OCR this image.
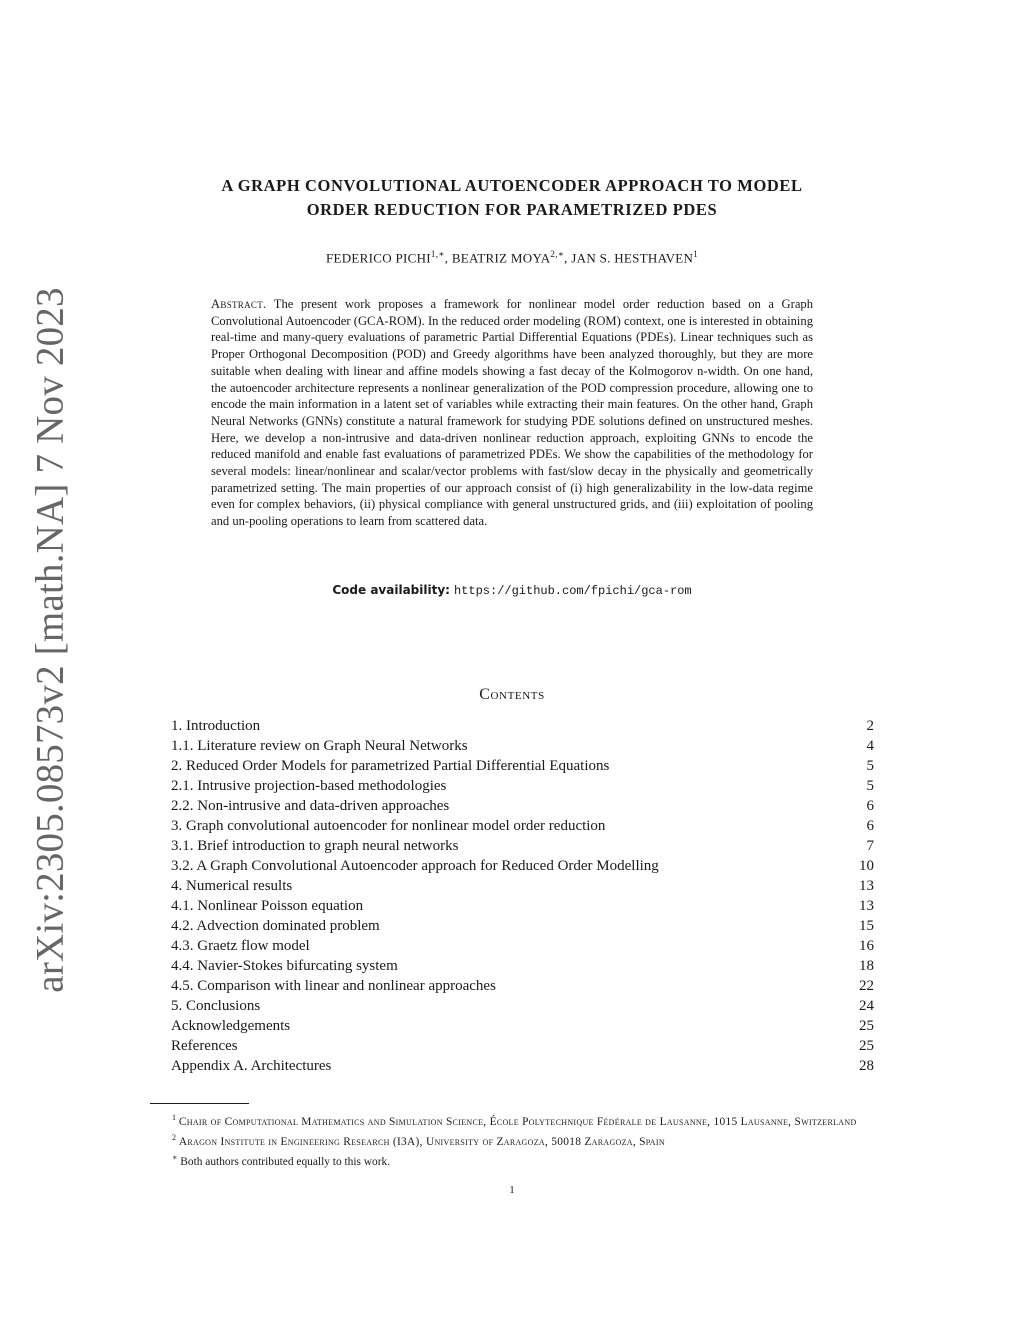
arXiv:2305.08573v2 [math.NA] 7 Nov 2023
A GRAPH CONVOLUTIONAL AUTOENCODER APPROACH TO MODEL
ORDER REDUCTION FOR PARAMETRIZED PDES
FEDERICO $PICHI^{1,∗}$, BEATRIZ $MOYA^{2,∗}$, JAN S. HESTHAVEN$^1$
Abstract. The present work proposes a framework for nonlinear model order reduction based on a Graph Convolutional Autoencoder (GCA-ROM). In the reduced order modeling (ROM) context, one is interested in obtaining real-time and many-query evaluations of parametric Partial Differential Equations (PDEs). Linear techniques such as Proper Orthogonal Decomposition (POD) and Greedy algorithms have been analyzed thoroughly, but they are more suitable when dealing with linear and affine models showing a fast decay of the Kolmogorov n-width. On one hand, the autoencoder architecture represents a nonlinear generalization of the POD compression procedure, allowing one to encode the main information in a latent set of variables while extracting their main features. On the other hand, Graph Neural Networks (GNNs) constitute a natural framework for studying PDE solutions defined on unstructured meshes. Here, we develop a non-intrusive and data-driven nonlinear reduction approach, exploiting GNNs to encode the reduced manifold and enable fast evaluations of parametrized PDEs. We show the capabilities of the methodology for several models: linear/nonlinear and scalar/vector problems with fast/slow decay in the physically and geometrically parametrized setting. The main properties of our approach consist of (i) high generalizability in the low-data regime even for complex behaviors, (ii) physical compliance with general unstructured grids, and (iii) exploitation of pooling and un-pooling operations to learn from scattered data.
Code availability: https://github.com/fpichi/gca-rom
Contents
1. Introduction	2
1.1. Literature review on Graph Neural Networks	4
2. Reduced Order Models for parametrized Partial Differential Equations	5
2.1. Intrusive projection-based methodologies	5
2.2. Non-intrusive and data-driven approaches	6
3. Graph convolutional autoencoder for nonlinear model order reduction	6
3.1. Brief introduction to graph neural networks	7
3.2. A Graph Convolutional Autoencoder approach for Reduced Order Modelling	10
4. Numerical results	13
4.1. Nonlinear Poisson equation	13
4.2. Advection dominated problem	15
4.3. Graetz flow model	16
4.4. Navier-Stokes bifurcating system	18
4.5. Comparison with linear and nonlinear approaches	22
5. Conclusions	24
Acknowledgements	25
References	25
Appendix A. Architectures	28

$^1$ Chair of Computational Mathematics and Simulation Science, École Polytechnique Fédérale de Lausanne, 1015 Lausanne, Switzerland

$^2$ Aragon Institute in Engineering Research (I3A), University of Zaragoza, 50018 Zaragoza, Spain

∗ Both authors contributed equally to this work.

1
